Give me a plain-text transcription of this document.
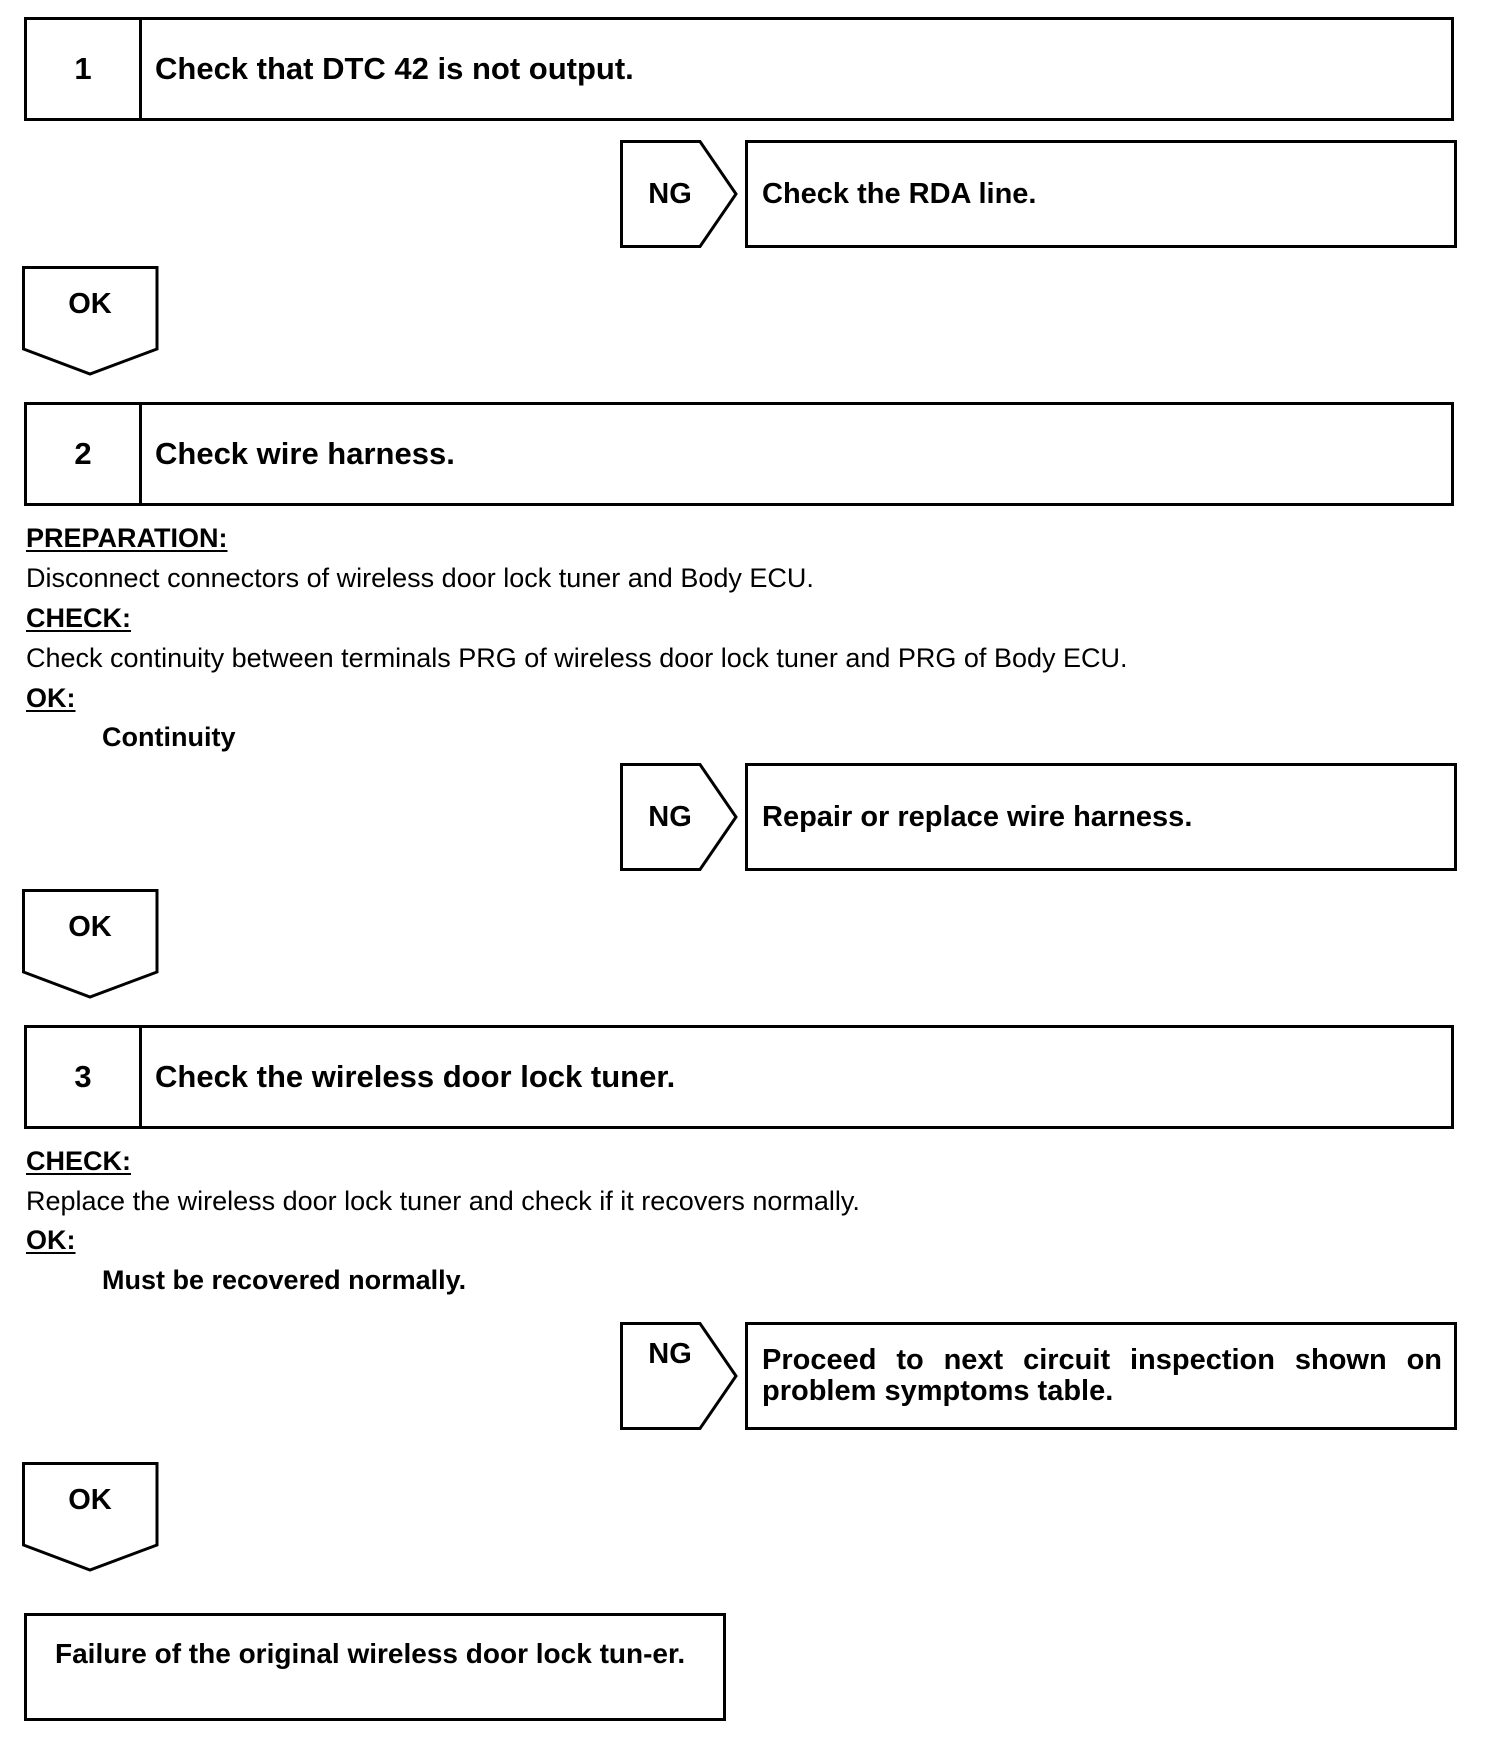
1	Check that DTC 42 is not output.
NG	Check the RDA line.
OK
2	Check wire harness.
PREPARATION:
Disconnect connectors of wireless door lock tuner and Body ECU.
CHECK:
Check continuity between terminals PRG of wireless door lock tuner and PRG of Body ECU.
OK:
Continuity
NG	Repair or replace wire harness.
OK
3	Check the wireless door lock tuner.
CHECK:
Replace the wireless door lock tuner and check if it recovers normally.
OK:
Must be recovered normally.
NG	Proceed to next circuit inspection shown on problem symptoms table.
OK
Failure of the original wireless door lock tun-er.
